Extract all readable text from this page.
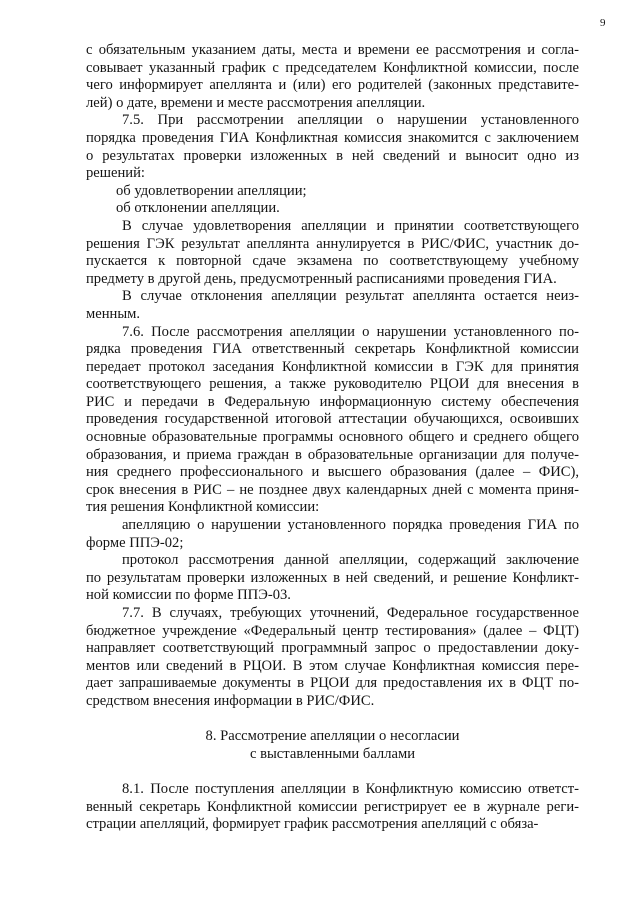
9
с обязательным указанием даты, места и времени ее рассмотрения и согла-
совывает указанный график с председателем Конфликтной комиссии, после
чего информирует апеллянта и (или) его родителей (законных представите-
лей) о дате, времени и месте рассмотрения апелляции.
7.5. При рассмотрении апелляции о нарушении установленного
порядка проведения ГИА Конфликтная комиссия знакомится с заключением
о результатах проверки изложенных в ней сведений и выносит одно из
решений:
об удовлетворении апелляции;
об отклонении апелляции.
В случае удовлетворения апелляции и принятии соответствующего
решения ГЭК результат апеллянта аннулируется в РИС/ФИС, участник до-
пускается к повторной сдаче экзамена по соответствующему учебному
предмету в другой день, предусмотренный расписаниями проведения ГИА.
В случае отклонения апелляции результат апеллянта остается неиз-
менным.
7.6. После рассмотрения апелляции о нарушении установленного по-
рядка проведения ГИА ответственный секретарь Конфликтной комиссии
передает протокол заседания Конфликтной комиссии в ГЭК для принятия
соответствующего решения, а также руководителю РЦОИ для внесения в
РИС и передачи в Федеральную информационную систему обеспечения
проведения государственной итоговой аттестации обучающихся, освоивших
основные образовательные программы основного общего и среднего общего
образования, и приема граждан в образовательные организации для получе-
ния среднего профессионального и высшего образования (далее – ФИС),
срок внесения в РИС – не позднее двух календарных дней с момента приня-
тия решения Конфликтной комиссии:
апелляцию о нарушении установленного порядка проведения ГИА по
форме ППЭ-02;
протокол рассмотрения данной апелляции, содержащий заключение
по результатам проверки изложенных в ней сведений, и решение Конфликт-
ной комиссии по форме ППЭ-03.
7.7. В случаях, требующих уточнений, Федеральное государственное
бюджетное учреждение «Федеральный центр тестирования» (далее – ФЦТ)
направляет соответствующий программный запрос о предоставлении доку-
ментов или сведений в РЦОИ. В этом случае Конфликтная комиссия пере-
дает запрашиваемые документы в РЦОИ для предоставления их в ФЦТ по-
средством внесения информации в РИС/ФИС.
8. Рассмотрение апелляции о несогласии
с выставленными баллами
8.1. После поступления апелляции в Конфликтную комиссию ответст-
венный секретарь Конфликтной комиссии регистрирует ее в журнале реги-
страции апелляций, формирует график рассмотрения апелляций с обяза-
